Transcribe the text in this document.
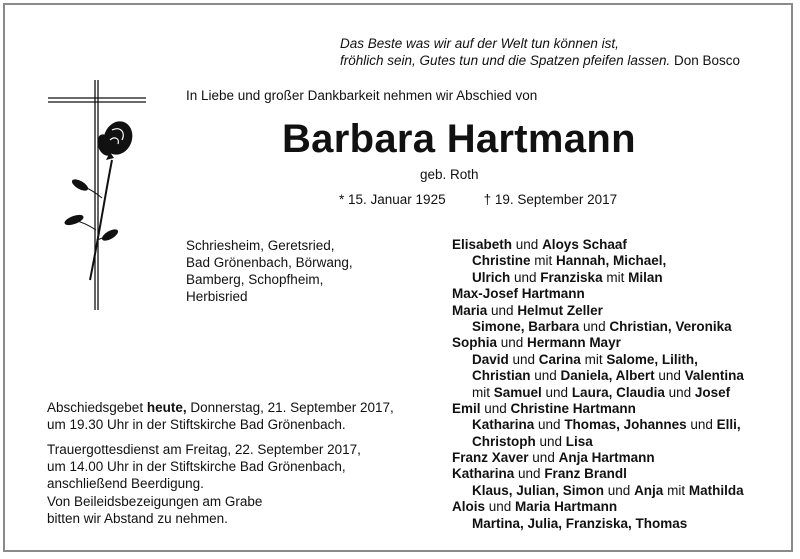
Das Beste was wir auf der Welt tun können ist,
fröhlich sein, Gutes tun und die Spatzen pfeifen lassen. Don Bosco
In Liebe und großer Dankbarkeit nehmen wir Abschied von
Barbara Hartmann
geb. Roth
* 15. Januar 1925	† 19. September 2017
Schriesheim, Geretsried,
Bad Grönenbach, Börwang,
Bamberg, Schopfheim,
Herbisried
Abschiedsgebet heute, Donnerstag, 21. September 2017,
um 19.30 Uhr in der Stiftskirche Bad Grönenbach.
Trauergottesdienst am Freitag, 22. September 2017,
um 14.00 Uhr in der Stiftskirche Bad Grönenbach,
anschließend Beerdigung.
Von Beileidsbezeigungen am Grabe
bitten wir Abstand zu nehmen.
Elisabeth und Aloys Schaaf
Christine mit Hannah, Michael,
Ulrich und Franziska mit Milan
Max-Josef Hartmann
Maria und Helmut Zeller
Simone, Barbara und Christian, Veronika
Sophia und Hermann Mayr
David und Carina mit Salome, Lilith,
Christian und Daniela, Albert und Valentina
mit Samuel und Laura, Claudia und Josef
Emil und Christine Hartmann
Katharina und Thomas, Johannes und Elli,
Christoph und Lisa
Franz Xaver und Anja Hartmann
Katharina und Franz Brandl
Klaus, Julian, Simon und Anja mit Mathilda
Alois und Maria Hartmann
Martina, Julia, Franziska, Thomas
